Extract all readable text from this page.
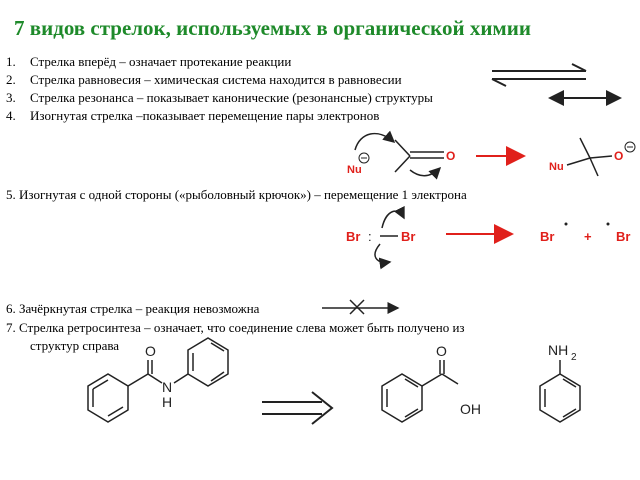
7 видов стрелок, используемых в органической химии
1. Стрелка вперёд – означает протекание реакции
2. Стрелка равновесия – химическая система находится в равновесии
3. Стрелка резонанса – показывает канонические (резонансные) структуры
4. Изогнутая стрелка –показывает перемещение пары электронов
5. Изогнутая с одной стороны («рыболовный крючок») – перемещение 1 электрона
6. Зачёркнутая стрелка – реакция невозможна
7. Стрелка ретросинтеза – означает, что соединение слева может быть получено из
структур справа
Nu
O
Nu
O
Br : Br	Br + Br
O
N
H
O
OH
NH 2
